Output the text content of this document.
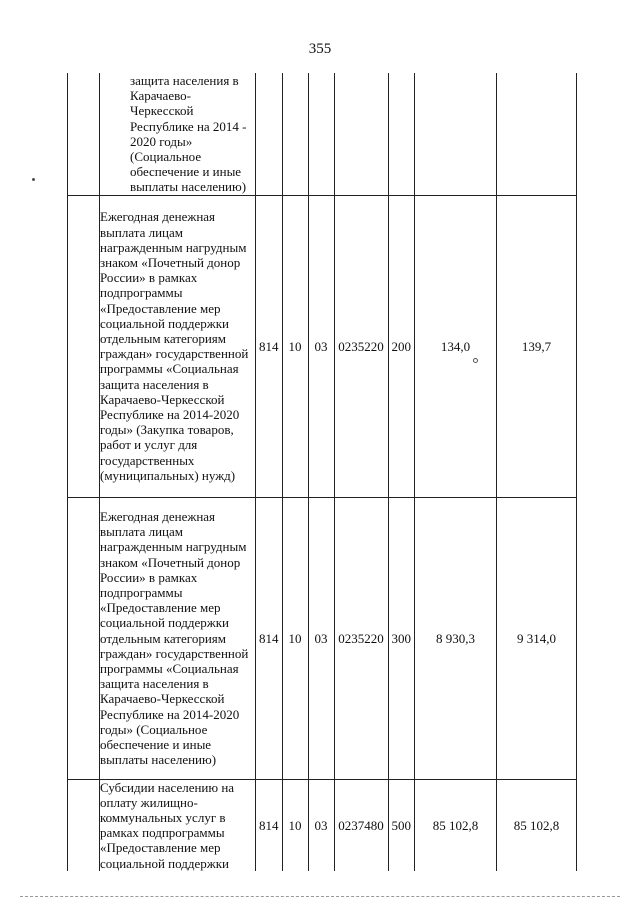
355

	защита населения в Карачаево-Черкесской Республике на 2014 - 2020 годы» (Социальное обеспечение и иные выплаты населению)							

	Ежегодная денежная выплата лицам награжденным нагрудным знаком «Почетный донор России» в рамках подпрограммы «Предоставление мер социальной поддержки отдельным категориям граждан» государственной программы «Социальная защита населения в Карачаево-Черкесской Республике на 2014-2020 годы» (Закупка товаров, работ и услуг для государственных (муниципальных) нужд)	814	10	03	0235220	200	134,0	139,7

	Ежегодная денежная выплата лицам награжденным нагрудным знаком «Почетный донор России» в рамках подпрограммы «Предоставление мер социальной поддержки отдельным категориям граждан» государственной программы «Социальная защита населения в Карачаево-Черкесской Республике на 2014-2020 годы» (Социальное обеспечение и иные выплаты населению)	814	10	03	0235220	300	8 930,3	9 314,0

	Субсидии населению на оплату жилищно-коммунальных услуг в рамках подпрограммы «Предоставление мер социальной поддержки	814	10	03	0237480	500	85 102,8	85 102,8
